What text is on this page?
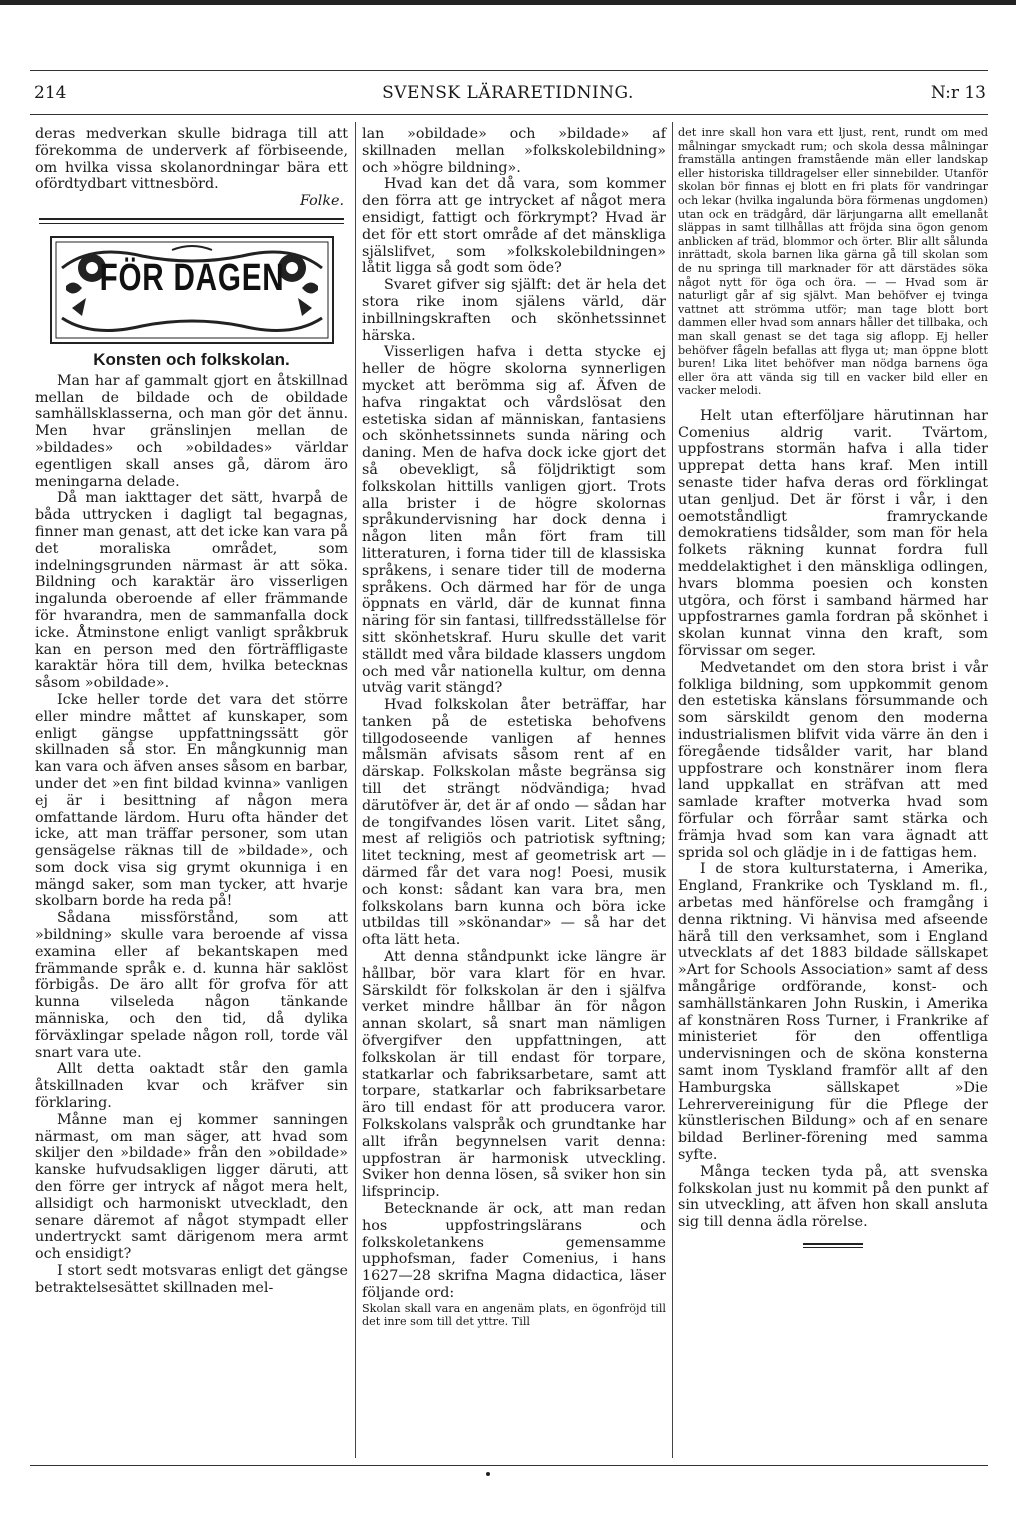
214	SVENSK LÄRARETIDNING.	N:r 13

deras medverkan skulle bidraga till att förekomma de underverk af förbiseende, om hvilka vissa skolanordningar bära ett ofördtydbart vittnesbörd.

Folke.

FÖR DAGEN
Konsten och folkskolan.

Man har af gammalt gjort en åtskillnad mellan de bildade och de obildade samhällsklasserna, och man gör det ännu. Men hvar gränslinjen mellan de »bildades» och »obildades» världar egentligen skall anses gå, därom äro meningarna delade.

Då man iakttager det sätt, hvarpå de båda uttrycken i dagligt tal begagnas, finner man genast, att det icke kan vara på det moraliska området, som indelningsgrunden närmast är att söka. Bildning och karaktär äro visserligen ingalunda oberoende af eller främmande för hvarandra, men de sammanfalla dock icke. Åtminstone enligt vanligt språkbruk kan en person med den förträffligaste karaktär höra till dem, hvilka betecknas såsom »obildade».

Icke heller torde det vara det större eller mindre måttet af kunskaper, som enligt gängse uppfattningssätt gör skillnaden så stor. En mångkunnig man kan vara och äfven anses såsom en barbar, under det »en fint bildad kvinna» vanligen ej är i besittning af någon mera omfattande lärdom. Huru ofta händer det icke, att man träffar personer, som utan gensägelse räknas till de »bildade», och som dock visa sig grymt okunniga i en mängd saker, som man tycker, att hvarje skolbarn borde ha reda på!

Sådana missförstånd, som att »bildning» skulle vara beroende af vissa examina eller af bekantskapen med främmande språk e. d. kunna här saklöst förbigås. De äro allt för grofva för att kunna vilseleda någon tänkande människa, och den tid, då dylika förväxlingar spelade någon roll, torde väl snart vara ute.

Allt detta oaktadt står den gamla åtskillnaden kvar och kräfver sin förklaring.

Månne man ej kommer sanningen närmast, om man säger, att hvad som skiljer den »bildade» från den »obildade» kanske hufvudsakligen ligger däruti, att den förre ger intryck af något mera helt, allsidigt och harmoniskt utveckladt, den senare däremot af något stympadt eller undertryckt samt därigenom mera armt och ensidigt?

I stort sedt motsvaras enligt det gängse betraktelsesättet skillnaden mel-

lan »obildade» och »bildade» af skillnaden mellan »folkskolebildning» och »högre bildning».

Hvad kan det då vara, som kommer den förra att ge intrycket af något mera ensidigt, fattigt och förkrympt? Hvad är det för ett stort område af det mänskliga själslifvet, som »folkskolebildningen» låtit ligga så godt som öde?

Svaret gifver sig själft: det är hela det stora rike inom själens värld, där inbillningskraften och skönhetssinnet härska.

Visserligen hafva i detta stycke ej heller de högre skolorna synnerligen mycket att berömma sig af. Äfven de hafva ringaktat och vårdslösat den estetiska sidan af människan, fantasiens och skönhetssinnets sunda näring och daning. Men de hafva dock icke gjort det så obevekligt, så följdriktigt som folkskolan hittills vanligen gjort. Trots alla brister i de högre skolornas språkundervisning har dock denna i någon liten mån fört fram till litteraturen, i forna tider till de klassiska språkens, i senare tider till de moderna språkens. Och därmed har för de unga öppnats en värld, där de kunnat finna näring för sin fantasi, tillfredsställelse för sitt skönhetskraf. Huru skulle det varit ställdt med våra bildade klassers ungdom och med vår nationella kultur, om denna utväg varit stängd?

Hvad folkskolan åter beträffar, har tanken på de estetiska behofvens tillgodoseende vanligen af hennes målsmän afvisats såsom rent af en därskap. Folkskolan måste begränsa sig till det strängt nödvändiga; hvad därutöfver är, det är af ondo — sådan har de tongifvandes lösen varit. Litet sång, mest af religiös och patriotisk syftning; litet teckning, mest af geometrisk art — därmed får det vara nog! Poesi, musik och konst: sådant kan vara bra, men folkskolans barn kunna och böra icke utbildas till »skönandar» — så har det ofta lätt heta.

Att denna ståndpunkt icke längre är hållbar, bör vara klart för en hvar. Särskildt för folkskolan är den i själfva verket mindre hållbar än för någon annan skolart, så snart man nämligen öfvergifver den uppfattningen, att folkskolan är till endast för torpare, statkarlar och fabriksarbetare, samt att torpare, statkarlar och fabriksarbetare äro till endast för att producera varor. Folkskolans valspråk och grundtanke har allt ifrån begynnelsen varit denna: uppfostran är harmonisk utveckling. Sviker hon denna lösen, så sviker hon sin lifsprincip.

Betecknande är ock, att man redan hos uppfostringslärans och folkskoletankens gemensamme upphofsman, fader Comenius, i hans 1627—28 skrifna Magna didactica, läser följande ord:

Skolan skall vara en angenäm plats, en ögonfröjd till det inre som till det yttre. Till

det inre skall hon vara ett ljust, rent, rundt om med målningar smyckadt rum; och skola dessa målningar framställa antingen framstående män eller landskap eller historiska tilldragelser eller sinnebilder. Utanför skolan bör finnas ej blott en fri plats för vandringar och lekar (hvilka ingalunda böra förmenas ungdomen) utan ock en trädgård, där lärjungarna allt emellanåt släppas in samt tillhållas att fröjda sina ögon genom anblicken af träd, blommor och örter. Blir allt sålunda inrättadt, skola barnen lika gärna gå till skolan som de nu springa till marknader för att därstädes söka något nytt för öga och öra. — — Hvad som är naturligt går af sig självt. Man behöfver ej tvinga vattnet att strömma utför; man tage blott bort dammen eller hvad som annars håller det tillbaka, och man skall genast se det taga sig aflopp. Ej heller behöfver fågeln befallas att flyga ut; man öppne blott buren! Lika litet behöfver man nödga barnens öga eller öra att vända sig till en vacker bild eller en vacker melodi.

Helt utan efterföljare härutinnan har Comenius aldrig varit. Tvärtom, uppfostrans stormän hafva i alla tider upprepat detta hans kraf. Men intill senaste tider hafva deras ord förklingat utan genljud. Det är först i vår, i den oemotståndligt framryckande demokratiens tidsålder, som man för hela folkets räkning kunnat fordra full meddelaktighet i den mänskliga odlingen, hvars blomma poesien och konsten utgöra, och först i samband härmed har uppfostrarnes gamla fordran på skönhet i skolan kunnat vinna den kraft, som förvissar om seger.

Medvetandet om den stora brist i vår folkliga bildning, som uppkommit genom den estetiska känslans försummande och som särskildt genom den moderna industrialismen blifvit vida värre än den i föregående tidsålder varit, har bland uppfostrare och konstnärer inom flera land uppkallat en sträfvan att med samlade krafter motverka hvad som förfular och förråar samt stärka och främja hvad som kan vara ägnadt att sprida sol och glädje in i de fattigas hem.

I de stora kulturstaterna, i Amerika, England, Frankrike och Tyskland m. fl., arbetas med hänförelse och framgång i denna riktning. Vi hänvisa med afseende härå till den verksamhet, som i England utvecklats af det 1883 bildade sällskapet »Art for Schools Association» samt af dess mångårige ordförande, konst- och samhällstänkaren John Ruskin, i Amerika af konstnären Ross Turner, i Frankrike af ministeriet för den offentliga undervisningen och de sköna konsterna samt inom Tyskland framför allt af den Hamburgska sällskapet »Die Lehrervereinigung für die Pflege der künstlerischen Bildung» och af en senare bildad Berliner-förening med samma syfte.

Många tecken tyda på, att svenska folkskolan just nu kommit på den punkt af sin utveckling, att äfven hon skall ansluta sig till denna ädla rörelse.
